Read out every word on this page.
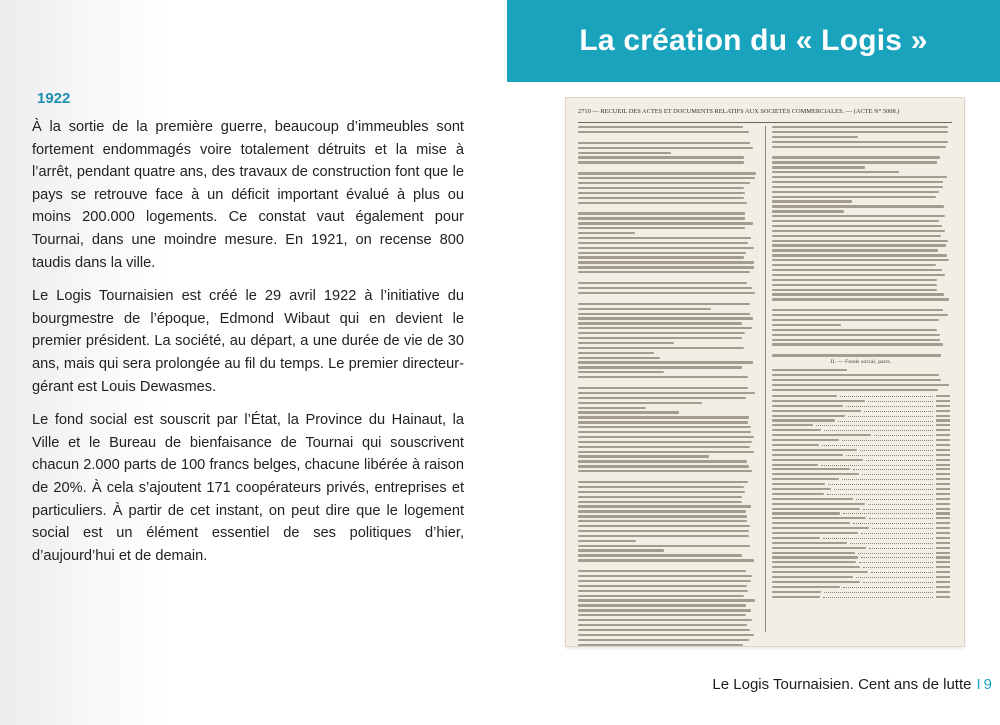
La création du « Logis »
1922

À la sortie de la première guerre, beaucoup d’immeubles sont fortement endommagés voire totalement détruits et la mise à l’arrêt, pendant quatre ans, des travaux de construction font que le pays se retrouve face à un déficit important évalué à plus ou moins 200.000 logements. Ce constat vaut également pour Tournai, dans une moindre mesure. En 1921, on recense 800 taudis dans la ville.

Le Logis Tournaisien est créé le 29 avril 1922 à l’initiative du bourgmestre de l’époque, Edmond Wibaut qui en devient le premier président. La société, au départ, a une durée de vie de 30 ans, mais qui sera prolongée au fil du temps. Le premier directeur-gérant est Louis Dewasmes.

Le fond social est souscrit par l’État, la Province du Hainaut, la Ville et le Bureau de bienfaisance de Tournai qui souscrivent chacun 2.000 parts de 100 francs belges, chacune libérée à raison de 20%. À cela s’ajoutent 171 coopérateurs privés, entreprises et particuliers. À partir de cet instant, on peut dire que le logement social est un élément essentiel de ses politiques d’hier, d’aujourd’hui et de demain.

2710 — RECUEIL DES ACTES ET DOCUMENTS RELATIFS AUX SOCIÉTÉS COMMERCIALES. — (ACTE N° 5008.)
II. — Fonds social, parts.
Le Logis Tournaisien. Cent ans de lutte I 9
